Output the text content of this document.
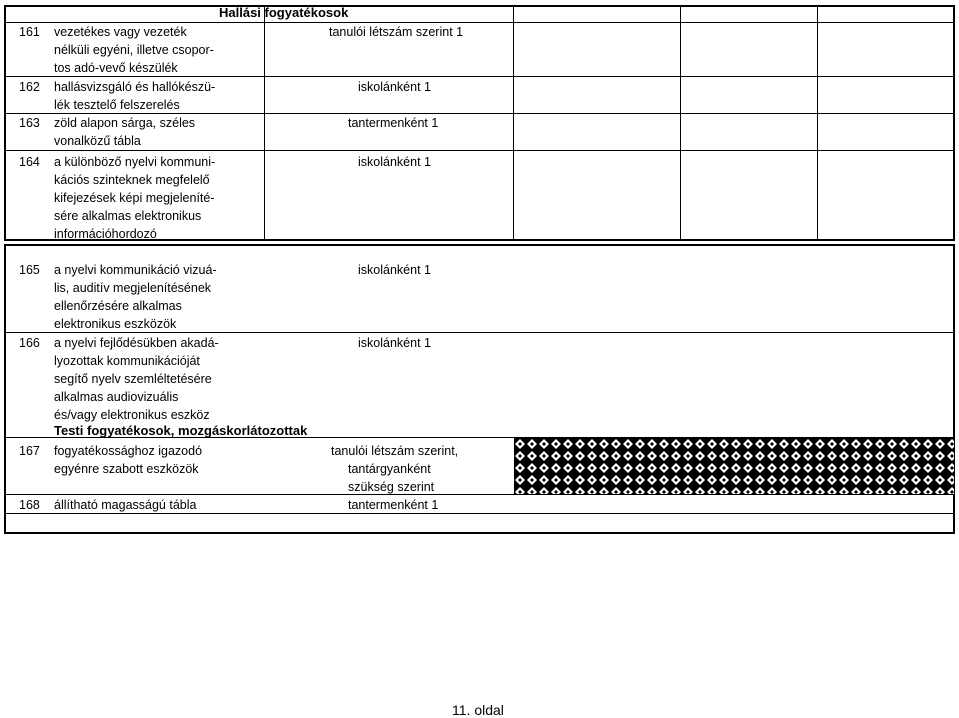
Hallási fogyatékosok
Testi fogyatékosok, mozgáskorlátozottak
161 vezetékes vagy vezeték
nélküli egyéni, illetve csopor-
tos adó-vevő készülék
tanulói létszám szerint 1
162 hallásvizsgáló és hallókészü-
lék tesztelő felszerelés
iskolánként 1
163 zöld alapon sárga, széles
vonalközű tábla
tantermenként 1
164 a különböző nyelvi kommuni-
kációs szinteknek megfelelő
kifejezések képi megjeleníté-
sére alkalmas elektronikus
információhordozó
iskolánként 1
165 a nyelvi kommunikáció vizuá-
lis, auditív megjelenítésének
ellenőrzésére alkalmas
elektronikus eszközök
iskolánként 1
166 a nyelvi fejlődésükben akadá-
lyozottak kommunikációját
segítő nyelv szemléltetésére
alkalmas audiovizuális
és/vagy elektronikus eszköz
iskolánként 1
167 fogyatékossághoz igazodó
egyénre szabott eszközök
tanulói létszám szerint,
tantárgyanként
szükség szerint
168 állítható magasságú tábla	tantermenként 1
11. oldal
